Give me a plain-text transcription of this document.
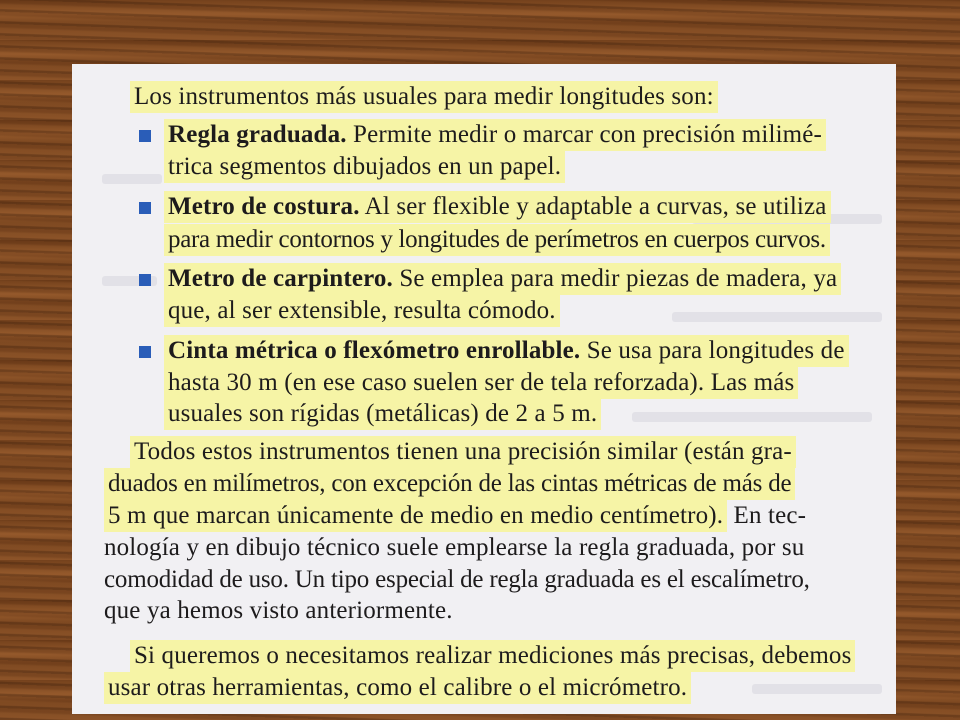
Los instrumentos más usuales para medir longitudes son:

Regla graduada. Permite medir o marcar con precisión milimé-

trica segmentos dibujados en un papel.

Metro de costura. Al ser flexible y adaptable a curvas, se utiliza

para medir contornos y longitudes de perímetros en cuerpos curvos.

Metro de carpintero. Se emplea para medir piezas de madera, ya

que, al ser extensible, resulta cómodo.

Cinta métrica o flexómetro enrollable. Se usa para longitudes de

hasta 30 m (en ese caso suelen ser de tela reforzada). Las más

usuales son rígidas (metálicas) de 2 a 5 m.

Todos estos instrumentos tienen una precisión similar (están gra-

duados en milímetros, con excepción de las cintas métricas de más de

5 m que marcan únicamente de medio en medio centímetro). En tec-

nología y en dibujo técnico suele emplearse la regla graduada, por su

comodidad de uso. Un tipo especial de regla graduada es el escalímetro,

que ya hemos visto anteriormente.

Si queremos o necesitamos realizar mediciones más precisas, debemos

usar otras herramientas, como el calibre o el micrómetro.
